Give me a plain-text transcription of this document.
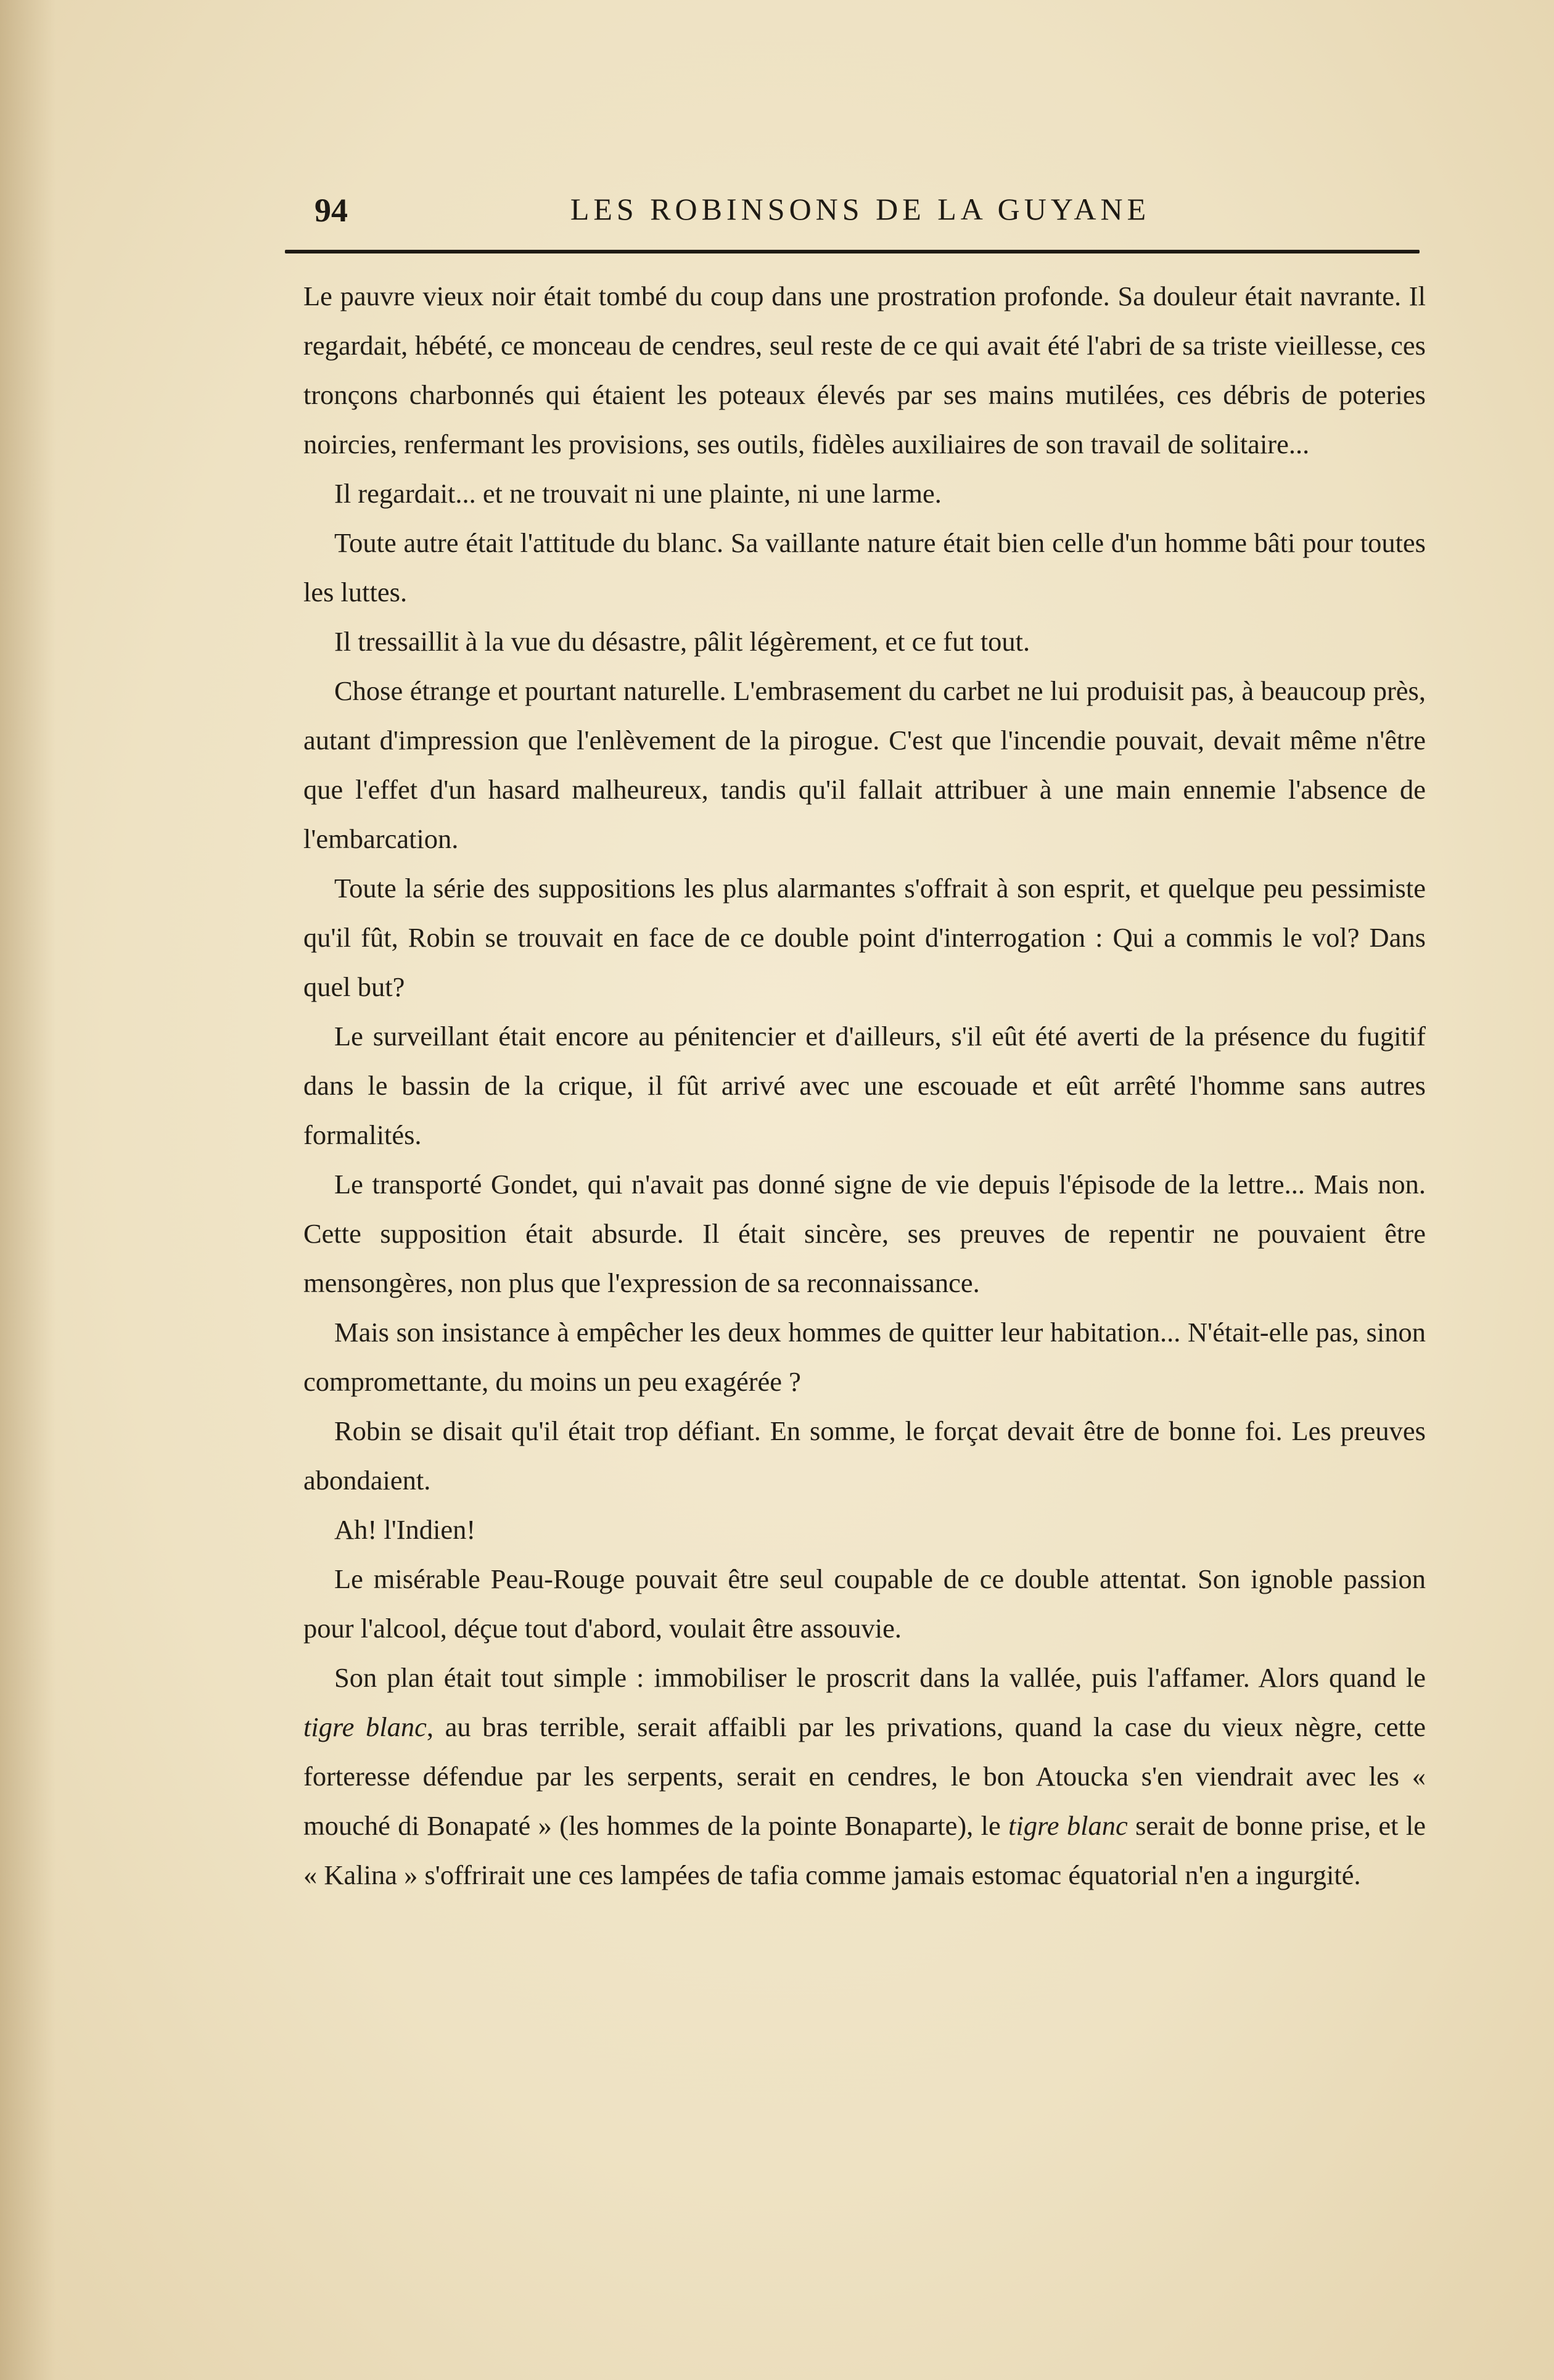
94	LES ROBINSONS DE LA GUYANE

Le pauvre vieux noir était tombé du coup dans une prostration profonde. Sa douleur était navrante. Il regardait, hébété, ce monceau de cendres, seul reste de ce qui avait été l'abri de sa triste vieillesse, ces tronçons charbonnés qui étaient les poteaux élevés par ses mains mutilées, ces débris de poteries noircies, renfermant les provisions, ses outils, fidèles auxiliaires de son travail de solitaire...

Il regardait... et ne trouvait ni une plainte, ni une larme.

Toute autre était l'attitude du blanc. Sa vaillante nature était bien celle d'un homme bâti pour toutes les luttes.

Il tressaillit à la vue du désastre, pâlit légèrement, et ce fut tout.

Chose étrange et pourtant naturelle. L'embrasement du carbet ne lui produisit pas, à beaucoup près, autant d'impression que l'enlèvement de la pirogue. C'est que l'incendie pouvait, devait même n'être que l'effet d'un hasard malheureux, tandis qu'il fallait attribuer à une main ennemie l'absence de l'embarcation.

Toute la série des suppositions les plus alarmantes s'offrait à son esprit, et quelque peu pessimiste qu'il fût, Robin se trouvait en face de ce double point d'interrogation : Qui a commis le vol? Dans quel but?

Le surveillant était encore au pénitencier et d'ailleurs, s'il eût été averti de la présence du fugitif dans le bassin de la crique, il fût arrivé avec une escouade et eût arrêté l'homme sans autres formalités.

Le transporté Gondet, qui n'avait pas donné signe de vie depuis l'épisode de la lettre... Mais non. Cette supposition était absurde. Il était sincère, ses preuves de repentir ne pouvaient être mensongères, non plus que l'expression de sa reconnaissance.

Mais son insistance à empêcher les deux hommes de quitter leur habitation... N'était-elle pas, sinon compromettante, du moins un peu exagérée ?

Robin se disait qu'il était trop défiant. En somme, le forçat devait être de bonne foi. Les preuves abondaient.

Ah! l'Indien!

Le misérable Peau-Rouge pouvait être seul coupable de ce double attentat. Son ignoble passion pour l'alcool, déçue tout d'abord, voulait être assouvie.

Son plan était tout simple : immobiliser le proscrit dans la vallée, puis l'affamer. Alors quand le tigre blanc, au bras terrible, serait affaibli par les privations, quand la case du vieux nègre, cette forteresse défendue par les serpents, serait en cendres, le bon Atoucka s'en viendrait avec les « mouché di Bonapaté » (les hommes de la pointe Bonaparte), le tigre blanc serait de bonne prise, et le « Kalina » s'offrirait une ces lampées de tafia comme jamais estomac équatorial n'en a ingurgité.
